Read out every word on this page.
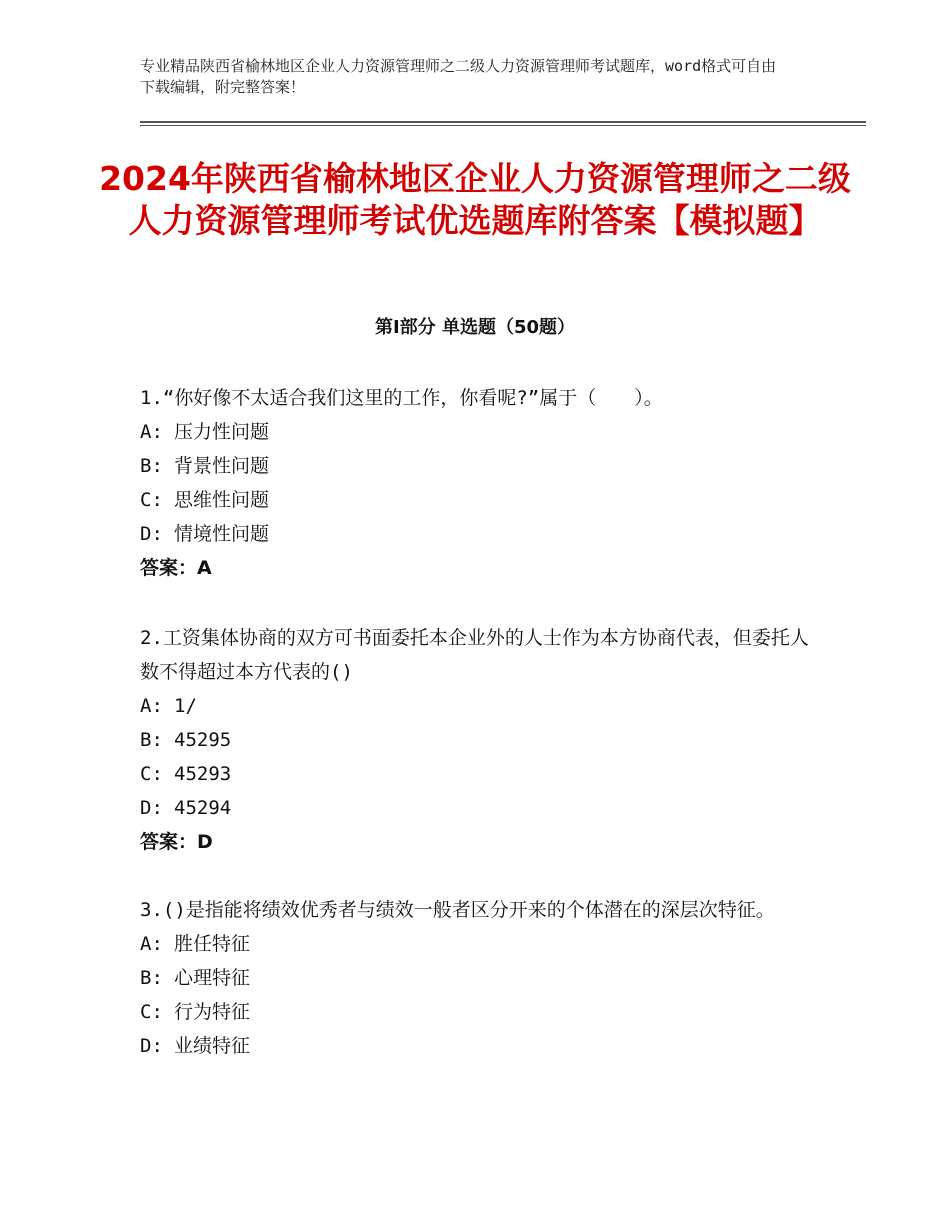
专业精品陕西省榆林地区企业人力资源管理师之二级人力资源管理师考试题库，word格式可自由下载编辑，附完整答案！
2024年陕西省榆林地区企业人力资源管理师之二级人力资源管理师考试优选题库附答案【模拟题】
第Ⅰ部分 单选题（50题）

1.“你好像不太适合我们这里的工作，你看呢?”属于（　　）。

A: 压力性问题

B: 背景性问题

C: 思维性问题

D: 情境性问题

答案：A

2.工资集体协商的双方可书面委托本企业外的人士作为本方协商代表，但委托人数不得超过本方代表的()

A: 1/

B: 45295

C: 45293

D: 45294

答案：D

3.()是指能将绩效优秀者与绩效一般者区分开来的个体潜在的深层次特征。

A: 胜任特征

B: 心理特征

C: 行为特征

D: 业绩特征
